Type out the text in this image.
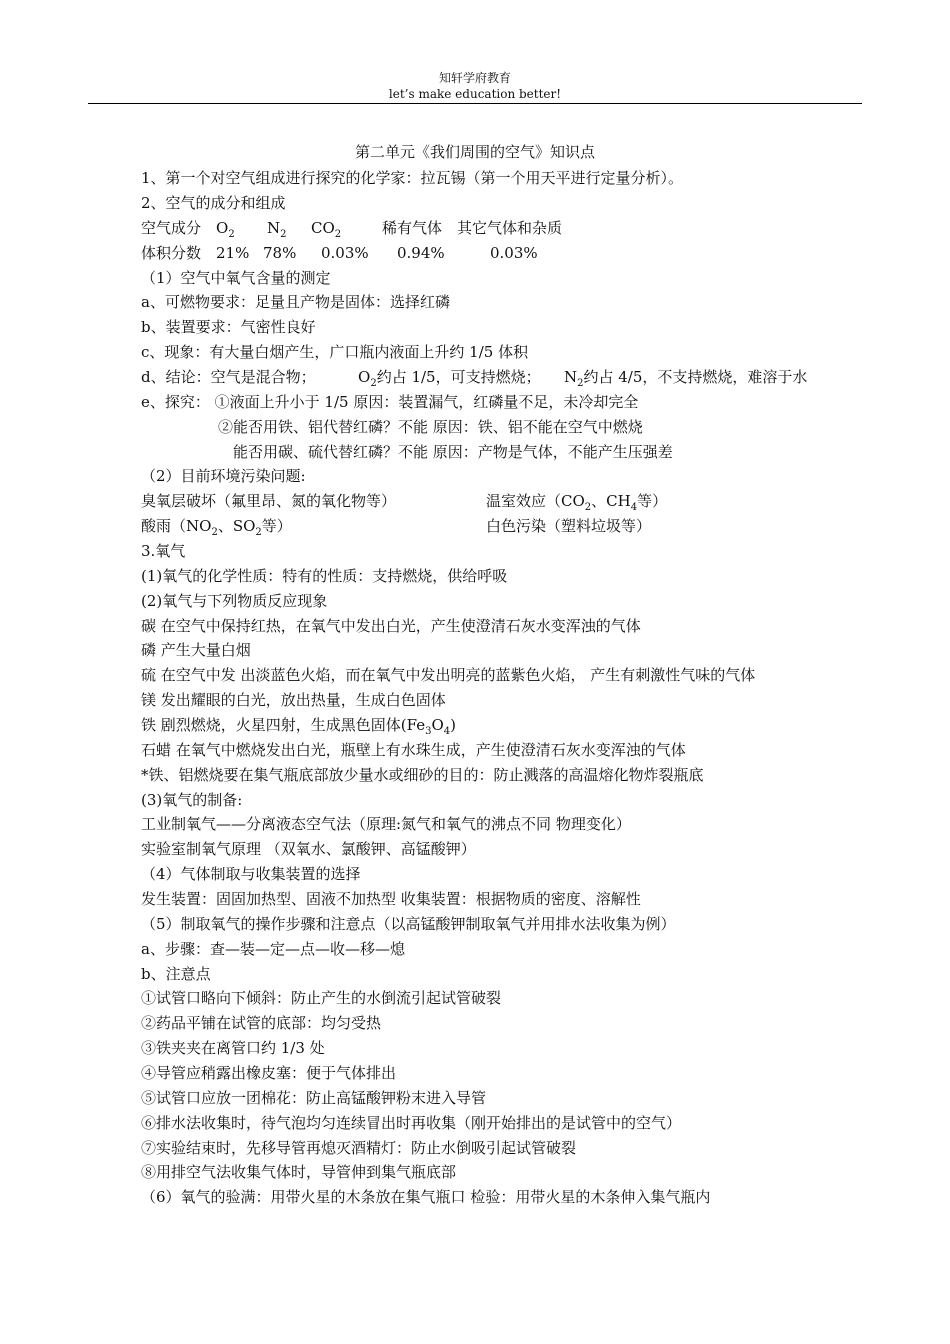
知轩学府教育
let’s make education better!
第二单元《我们周围的空气》知识点
1、第一个对空气组成进行探究的化学家：拉瓦锡（第一个用天平进行定量分析）。
2、空气的成分和组成
空气成分 $O_2$ $N_2$ $CO_2$	稀有气体 其它气体和杂质
体积分数 21% 78% 0.03% 0.94%	0.03%
（1）空气中氧气含量的测定
a、可燃物要求：足量且产物是固体：选择红磷
b、装置要求：气密性良好
c、现象：有大量白烟产生，广口瓶内液面上升约 1/5 体积
d、结论：空气是混合物；	$O_2$约占 1/5，可支持燃烧； $N_2$约占 4/5，不支持燃烧，难溶于水
e、探究： ①液面上升小于 1/5 原因：装置漏气，红磷量不足，未冷却完全
②能否用铁、铝代替红磷？不能 原因：铁、铝不能在空气中燃烧
能否用碳、硫代替红磷？不能 原因：产物是气体，不能产生压强差
（2）目前环境污染问题:
臭氧层破坏（氟里昂、氮的氧化物等）	温室效应（$CO_2$、$CH_4$等）
酸雨（$NO_2$、$SO_2$等）	白色污染（塑料垃圾等）
3.氧气
(1)氧气的化学性质：特有的性质：支持燃烧，供给呼吸
(2)氧气与下列物质反应现象
碳 在空气中保持红热，在氧气中发出白光，产生使澄清石灰水变浑浊的气体
磷 产生大量白烟
硫 在空气中发 出淡蓝色火焰，而在氧气中发出明亮的蓝紫色火焰， 产生有刺激性气味的气体
镁 发出耀眼的白光，放出热量，生成白色固体
铁 剧烈燃烧，火星四射，生成黑色固体$(Fe_3O_4)$
石蜡 在氧气中燃烧发出白光，瓶壁上有水珠生成，产生使澄清石灰水变浑浊的气体
*铁、铝燃烧要在集气瓶底部放少量水或细砂的目的：防止溅落的高温熔化物炸裂瓶底
(3)氧气的制备:
工业制氧气——分离液态空气法（原理:氮气和氧气的沸点不同 物理变化）
实验室制氧气原理 （双氧水、氯酸钾、高锰酸钾）
（4）气体制取与收集装置的选择
发生装置：固固加热型、固液不加热型 收集装置：根据物质的密度、溶解性
（5）制取氧气的操作步骤和注意点（以高锰酸钾制取氧气并用排水法收集为例）
a、步骤：查—装—定—点—收—移—熄
b、注意点
①试管口略向下倾斜：防止产生的水倒流引起试管破裂
②药品平铺在试管的底部：均匀受热
③铁夹夹在离管口约 1/3 处
④导管应稍露出橡皮塞：便于气体排出
⑤试管口应放一团棉花：防止高锰酸钾粉末进入导管
⑥排水法收集时，待气泡均匀连续冒出时再收集（刚开始排出的是试管中的空气）
⑦实验结束时，先移导管再熄灭酒精灯：防止水倒吸引起试管破裂
⑧用排空气法收集气体时，导管伸到集气瓶底部
（6）氧气的验满：用带火星的木条放在集气瓶口 检验：用带火星的木条伸入集气瓶内
